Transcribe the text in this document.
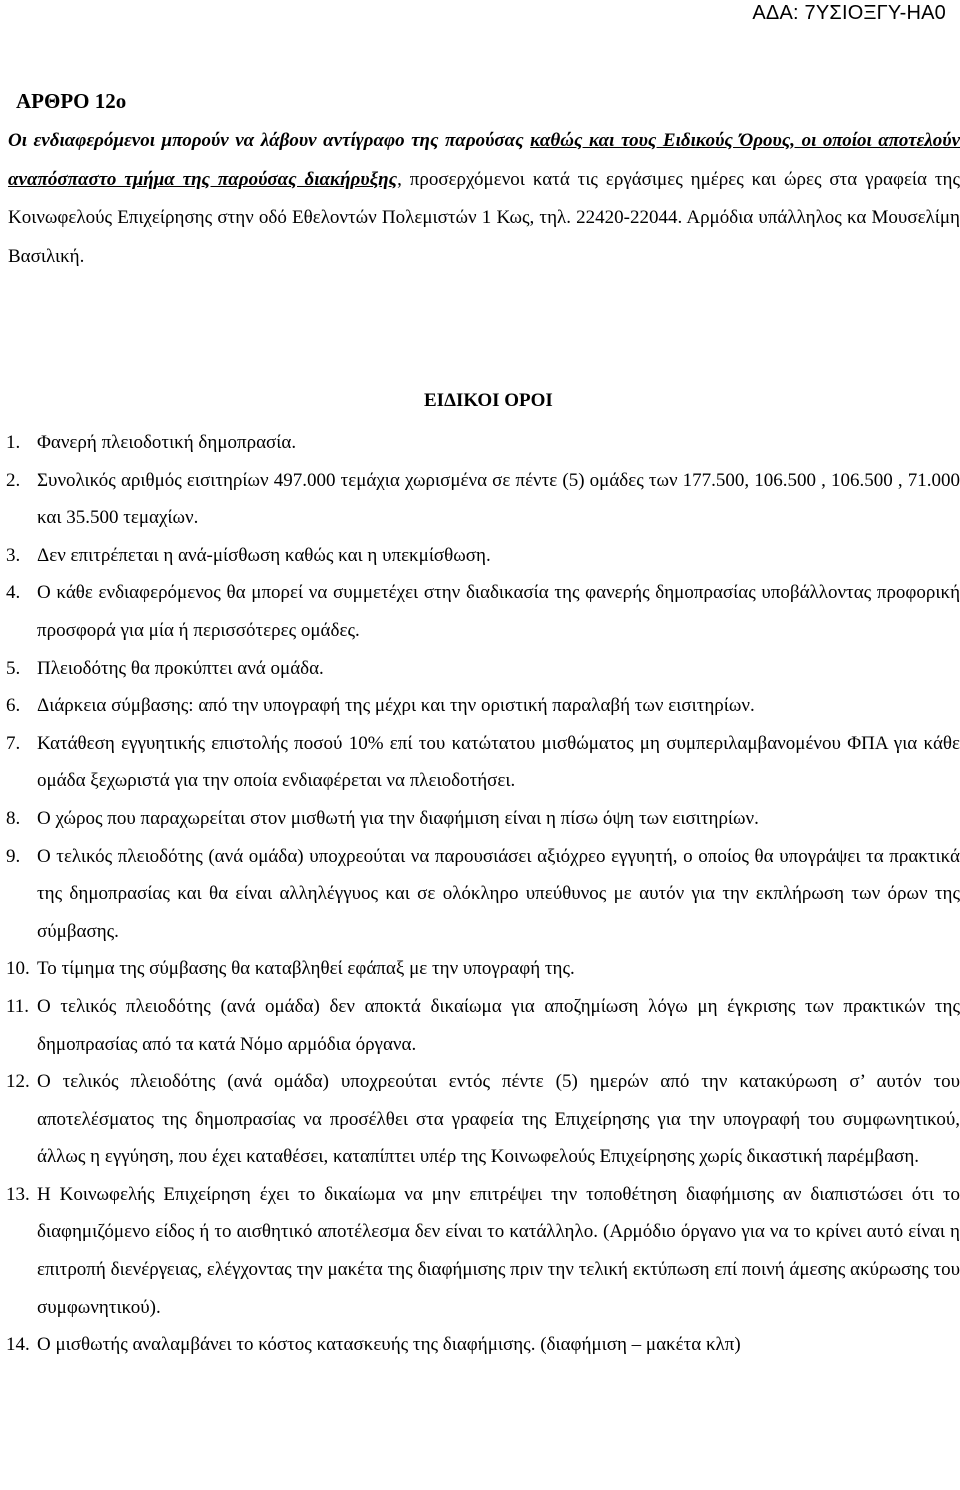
ΑΔΑ: 7ΥΣΙΟΞΓΥ-ΗΑ0
ΑΡΘΡΟ 12ο
Οι ενδιαφερόμενοι μπορούν να λάβουν αντίγραφο της παρούσας καθώς και τους Ειδικούς Όρους, οι οποίοι αποτελούν αναπόσπαστο τμήμα της παρούσας διακήρυξης, προσερχόμενοι κατά τις εργάσιμες ημέρες και ώρες στα γραφεία της Κοινωφελούς Επιχείρησης στην οδό Εθελοντών Πολεμιστών 1 Κως, τηλ. 22420-22044. Αρμόδια υπάλληλος κα Μουσελίμη Βασιλική.
ΕΙΔΙΚΟΙ ΟΡΟΙ
1. Φανερή πλειοδοτική δημοπρασία.
2. Συνολικός αριθμός εισιτηρίων 497.000 τεμάχια χωρισμένα σε πέντε (5) ομάδες των 177.500, 106.500 , 106.500 , 71.000 και 35.500 τεμαχίων.
3. Δεν επιτρέπεται η ανά-μίσθωση καθώς και η υπεκμίσθωση.
4. Ο κάθε ενδιαφερόμενος θα μπορεί να συμμετέχει στην διαδικασία της φανερής δημοπρασίας υποβάλλοντας προφορική προσφορά για μία ή περισσότερες ομάδες.
5. Πλειοδότης θα προκύπτει ανά ομάδα.
6. Διάρκεια σύμβασης: από την υπογραφή της μέχρι και την οριστική παραλαβή των εισιτηρίων.
7. Κατάθεση εγγυητικής επιστολής ποσού 10% επί του κατώτατου μισθώματος μη συμπεριλαμβανομένου ΦΠΑ για κάθε ομάδα ξεχωριστά για την οποία ενδιαφέρεται να πλειοδοτήσει.
8. Ο χώρος που παραχωρείται στον μισθωτή για την διαφήμιση είναι η πίσω όψη των εισιτηρίων.
9. Ο τελικός πλειοδότης (ανά ομάδα) υποχρεούται να παρουσιάσει αξιόχρεο εγγυητή, ο οποίος θα υπογράψει τα πρακτικά της δημοπρασίας και θα είναι αλληλέγγυος και σε ολόκληρο υπεύθυνος με αυτόν για την εκπλήρωση των όρων της σύμβασης.
10. Το τίμημα της σύμβασης θα καταβληθεί εφάπαξ με την υπογραφή της.
11. Ο τελικός πλειοδότης (ανά ομάδα) δεν αποκτά δικαίωμα για αποζημίωση λόγω μη έγκρισης των πρακτικών της δημοπρασίας από τα κατά Νόμο αρμόδια όργανα.
12. Ο τελικός πλειοδότης (ανά ομάδα) υποχρεούται εντός πέντε (5) ημερών από την κατακύρωση σ’ αυτόν του αποτελέσματος της δημοπρασίας να προσέλθει στα γραφεία της Επιχείρησης για την υπογραφή του συμφωνητικού, άλλως η εγγύηση, που έχει καταθέσει, καταπίπτει υπέρ της Κοινωφελούς Επιχείρησης χωρίς δικαστική παρέμβαση.
13. Η Κοινωφελής Επιχείρηση έχει το δικαίωμα να μην επιτρέψει την τοποθέτηση διαφήμισης αν διαπιστώσει ότι το διαφημιζόμενο είδος ή το αισθητικό αποτέλεσμα δεν είναι το κατάλληλο. (Αρμόδιο όργανο για να το κρίνει αυτό είναι η επιτροπή διενέργειας, ελέγχοντας την μακέτα της διαφήμισης πριν την τελική εκτύπωση επί ποινή άμεσης ακύρωσης του συμφωνητικού).
14. Ο μισθωτής αναλαμβάνει το κόστος κατασκευής της διαφήμισης. (διαφήμιση – μακέτα κλπ)
